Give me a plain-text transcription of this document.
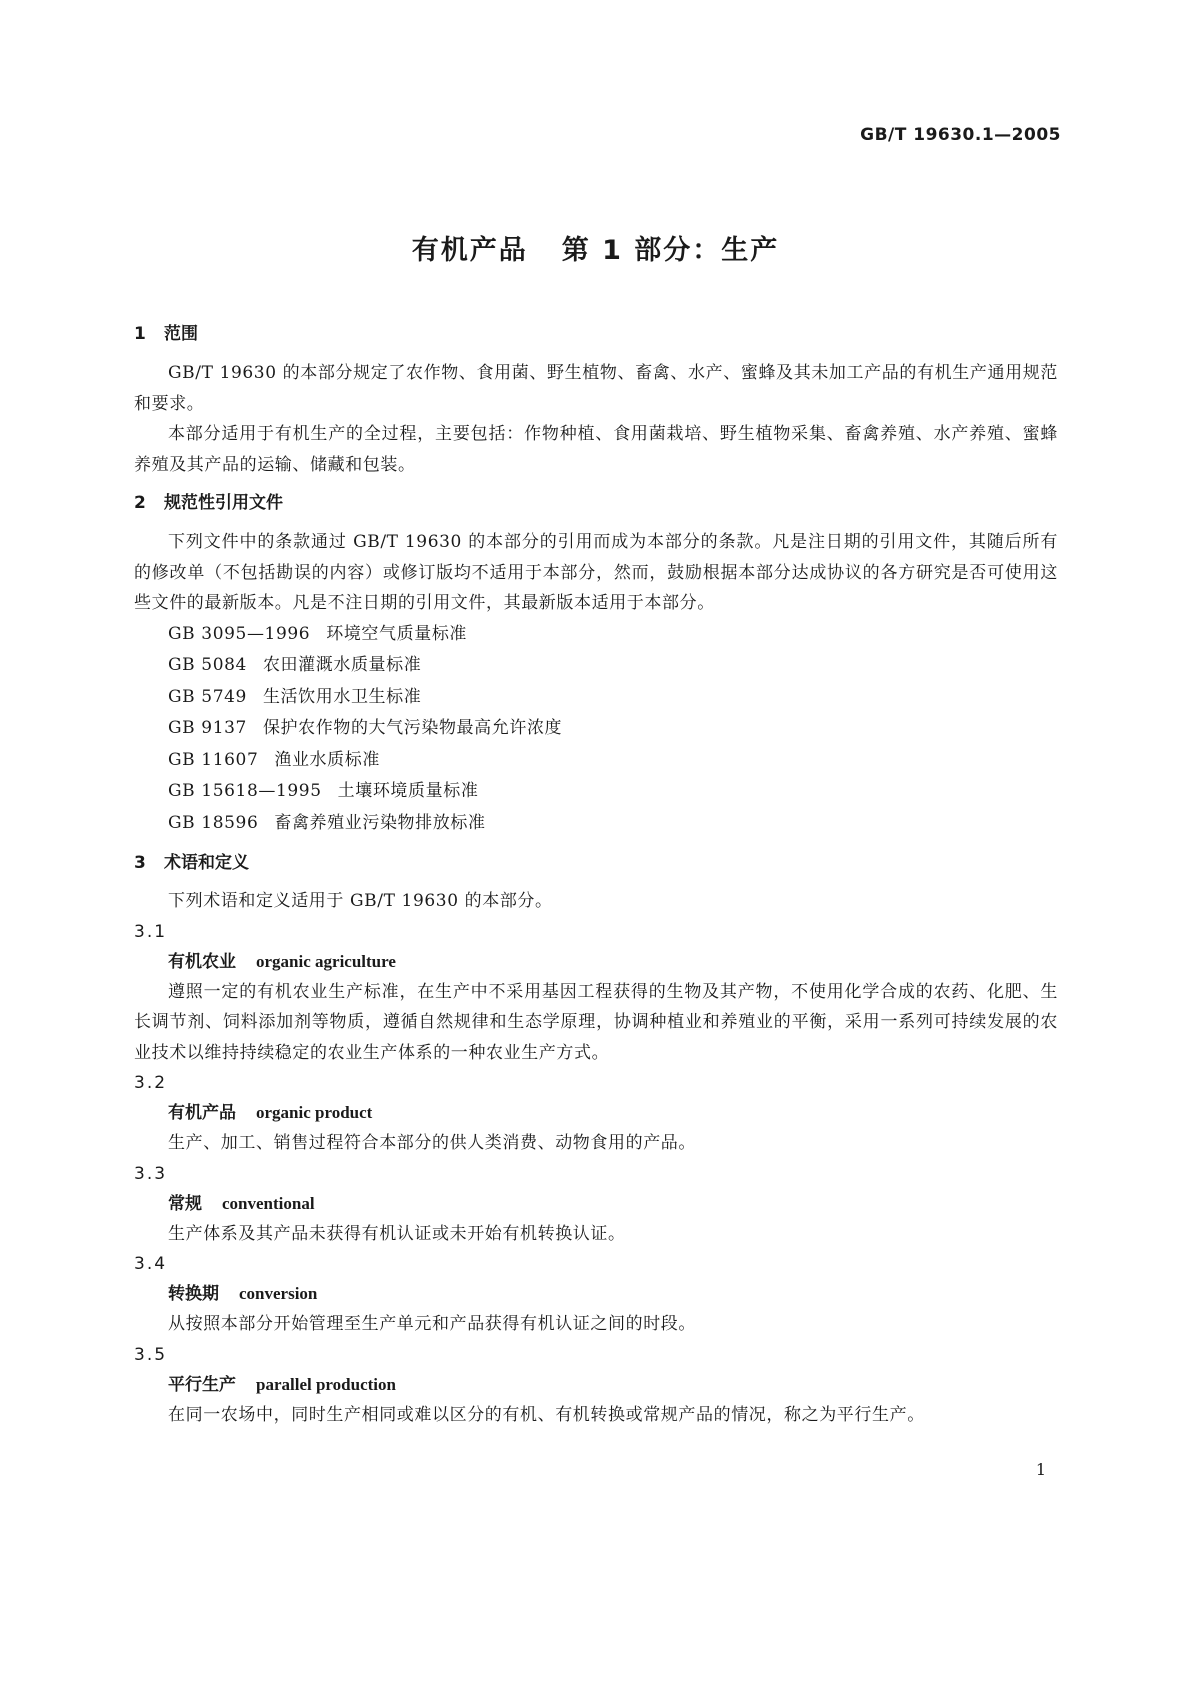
GB/T 19630.1—2005
有机产品 第 1 部分：生产

1 范围

GB/T 19630 的本部分规定了农作物、食用菌、野生植物、畜禽、水产、蜜蜂及其未加工产品的有机生产通用规范和要求。

本部分适用于有机生产的全过程，主要包括：作物种植、食用菌栽培、野生植物采集、畜禽养殖、水产养殖、蜜蜂养殖及其产品的运输、储藏和包装。

2 规范性引用文件

下列文件中的条款通过 GB/T 19630 的本部分的引用而成为本部分的条款。凡是注日期的引用文件，其随后所有的修改单（不包括勘误的内容）或修订版均不适用于本部分，然而，鼓励根据本部分达成协议的各方研究是否可使用这些文件的最新版本。凡是不注日期的引用文件，其最新版本适用于本部分。

GB 3095—1996 环境空气质量标准

GB 5084 农田灌溉水质量标准

GB 5749 生活饮用水卫生标准

GB 9137 保护农作物的大气污染物最高允许浓度

GB 11607 渔业水质标准

GB 15618—1995 土壤环境质量标准

GB 18596 畜禽养殖业污染物排放标准

3 术语和定义

下列术语和定义适用于 GB/T 19630 的本部分。

3.1

有机农业 organic agriculture

遵照一定的有机农业生产标准，在生产中不采用基因工程获得的生物及其产物，不使用化学合成的农药、化肥、生长调节剂、饲料添加剂等物质，遵循自然规律和生态学原理，协调种植业和养殖业的平衡，采用一系列可持续发展的农业技术以维持持续稳定的农业生产体系的一种农业生产方式。

3.2

有机产品 organic product

生产、加工、销售过程符合本部分的供人类消费、动物食用的产品。

3.3

常规 conventional

生产体系及其产品未获得有机认证或未开始有机转换认证。

3.4

转换期 conversion

从按照本部分开始管理至生产单元和产品获得有机认证之间的时段。

3.5

平行生产 parallel production

在同一农场中，同时生产相同或难以区分的有机、有机转换或常规产品的情况，称之为平行生产。

1
